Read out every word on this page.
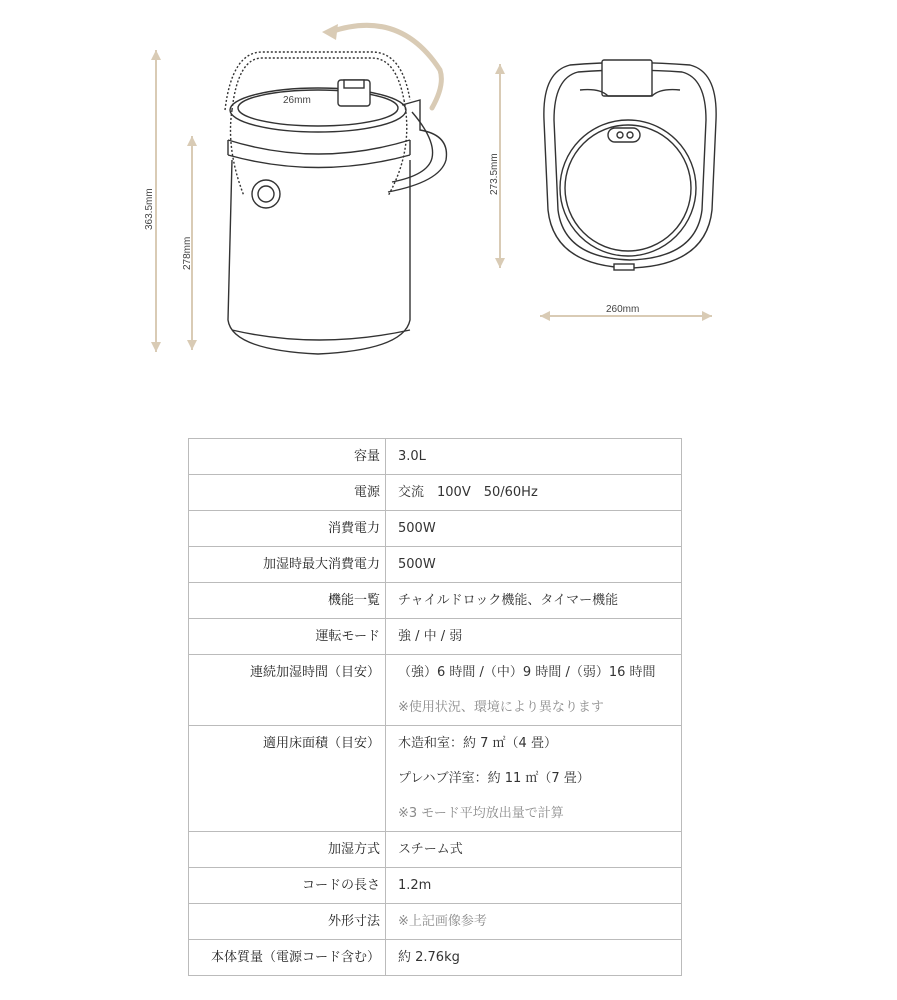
363.5mm
278mm
26mm
273.5mm
260mm
容量	3.0L

電源	交流　100V　50/60Hz

消費電力	500W

加湿時最大消費電力	500W

機能一覧	チャイルドロック機能、タイマー機能

運転モード	強 / 中 / 弱

連続加湿時間（目安）	（強）6 時間 /（中）9 時間 /（弱）16 時間
※使用状況、環境により異なります

適用床面積（目安）	木造和室：約 7 ㎡（4 畳）
プレハブ洋室：約 11 ㎡（7 畳）
※3 モード平均放出量で計算

加湿方式	スチーム式

コードの長さ	1.2m

外形寸法	※上記画像参考

本体質量（電源コード含む）	約 2.76kg
